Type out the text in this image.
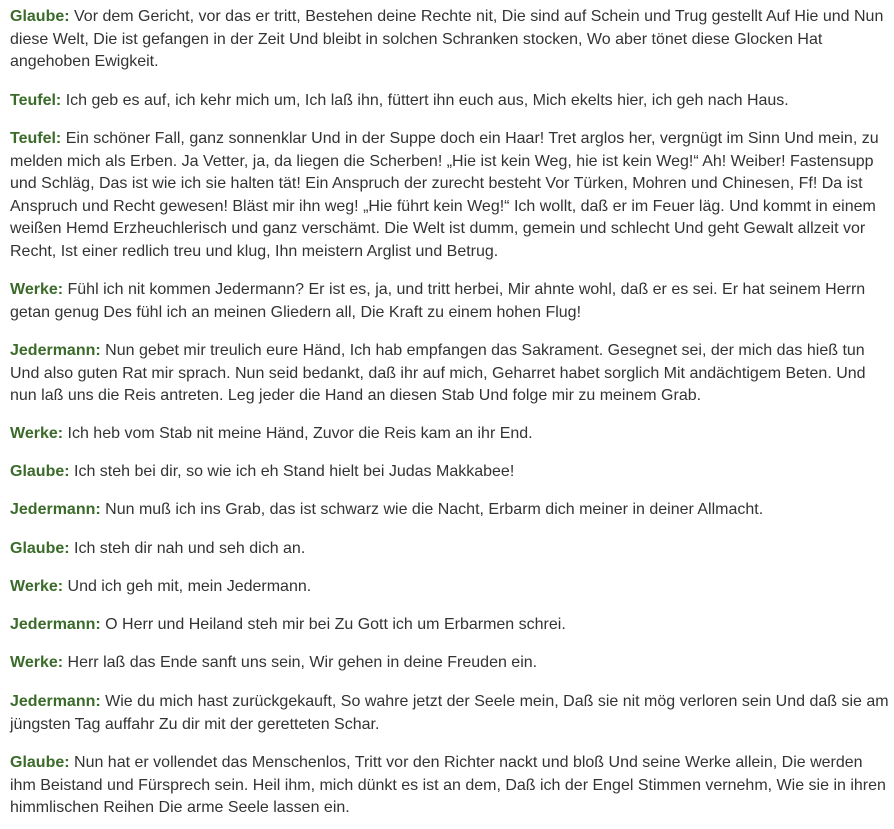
Glaube: Vor dem Gericht, vor das er tritt, Bestehen deine Rechte nit, Die sind auf Schein und Trug gestellt Auf Hie und Nun diese Welt, Die ist gefangen in der Zeit Und bleibt in solchen Schranken stocken, Wo aber tönet diese Glocken Hat angehoben Ewigkeit.

Teufel: Ich geb es auf, ich kehr mich um, Ich laß ihn, füttert ihn euch aus, Mich ekelts hier, ich geh nach Haus.

Teufel: Ein schöner Fall, ganz sonnenklar Und in der Suppe doch ein Haar! Tret arglos her, vergnügt im Sinn Und mein, zu melden mich als Erben. Ja Vetter, ja, da liegen die Scherben! „Hie ist kein Weg, hie ist kein Weg!“ Ah! Weiber! Fastensupp und Schläg, Das ist wie ich sie halten tät! Ein Anspruch der zurecht besteht Vor Türken, Mohren und Chinesen, Ff! Da ist Anspruch und Recht gewesen! Bläst mir ihn weg! „Hie führt kein Weg!“ Ich wollt, daß er im Feuer läg. Und kommt in einem weißen Hemd Erzheuchlerisch und ganz verschämt. Die Welt ist dumm, gemein und schlecht Und geht Gewalt allzeit vor Recht, Ist einer redlich treu und klug, Ihn meistern Arglist und Betrug.

Werke: Fühl ich nit kommen Jedermann? Er ist es, ja, und tritt herbei, Mir ahnte wohl, daß er es sei. Er hat seinem Herrn getan genug Des fühl ich an meinen Gliedern all, Die Kraft zu einem hohen Flug!

Jedermann: Nun gebet mir treulich eure Händ, Ich hab empfangen das Sakrament. Gesegnet sei, der mich das hieß tun Und also guten Rat mir sprach. Nun seid bedankt, daß ihr auf mich, Geharret habet sorglich Mit andächtigem Beten. Und nun laß uns die Reis antreten. Leg jeder die Hand an diesen Stab Und folge mir zu meinem Grab.

Werke: Ich heb vom Stab nit meine Händ, Zuvor die Reis kam an ihr End.

Glaube: Ich steh bei dir, so wie ich eh Stand hielt bei Judas Makkabee!

Jedermann: Nun muß ich ins Grab, das ist schwarz wie die Nacht, Erbarm dich meiner in deiner Allmacht.

Glaube: Ich steh dir nah und seh dich an.

Werke: Und ich geh mit, mein Jedermann.

Jedermann: O Herr und Heiland steh mir bei Zu Gott ich um Erbarmen schrei.

Werke: Herr laß das Ende sanft uns sein, Wir gehen in deine Freuden ein.

Jedermann: Wie du mich hast zurückgekauft, So wahre jetzt der Seele mein, Daß sie nit mög verloren sein Und daß sie am jüngsten Tag auffahr Zu dir mit der geretteten Schar.

Glaube: Nun hat er vollendet das Menschenlos, Tritt vor den Richter nackt und bloß Und seine Werke allein, Die werden ihm Beistand und Fürsprech sein. Heil ihm, mich dünkt es ist an dem, Daß ich der Engel Stimmen vernehm, Wie sie in ihren himmlischen Reihen Die arme Seele lassen ein.
